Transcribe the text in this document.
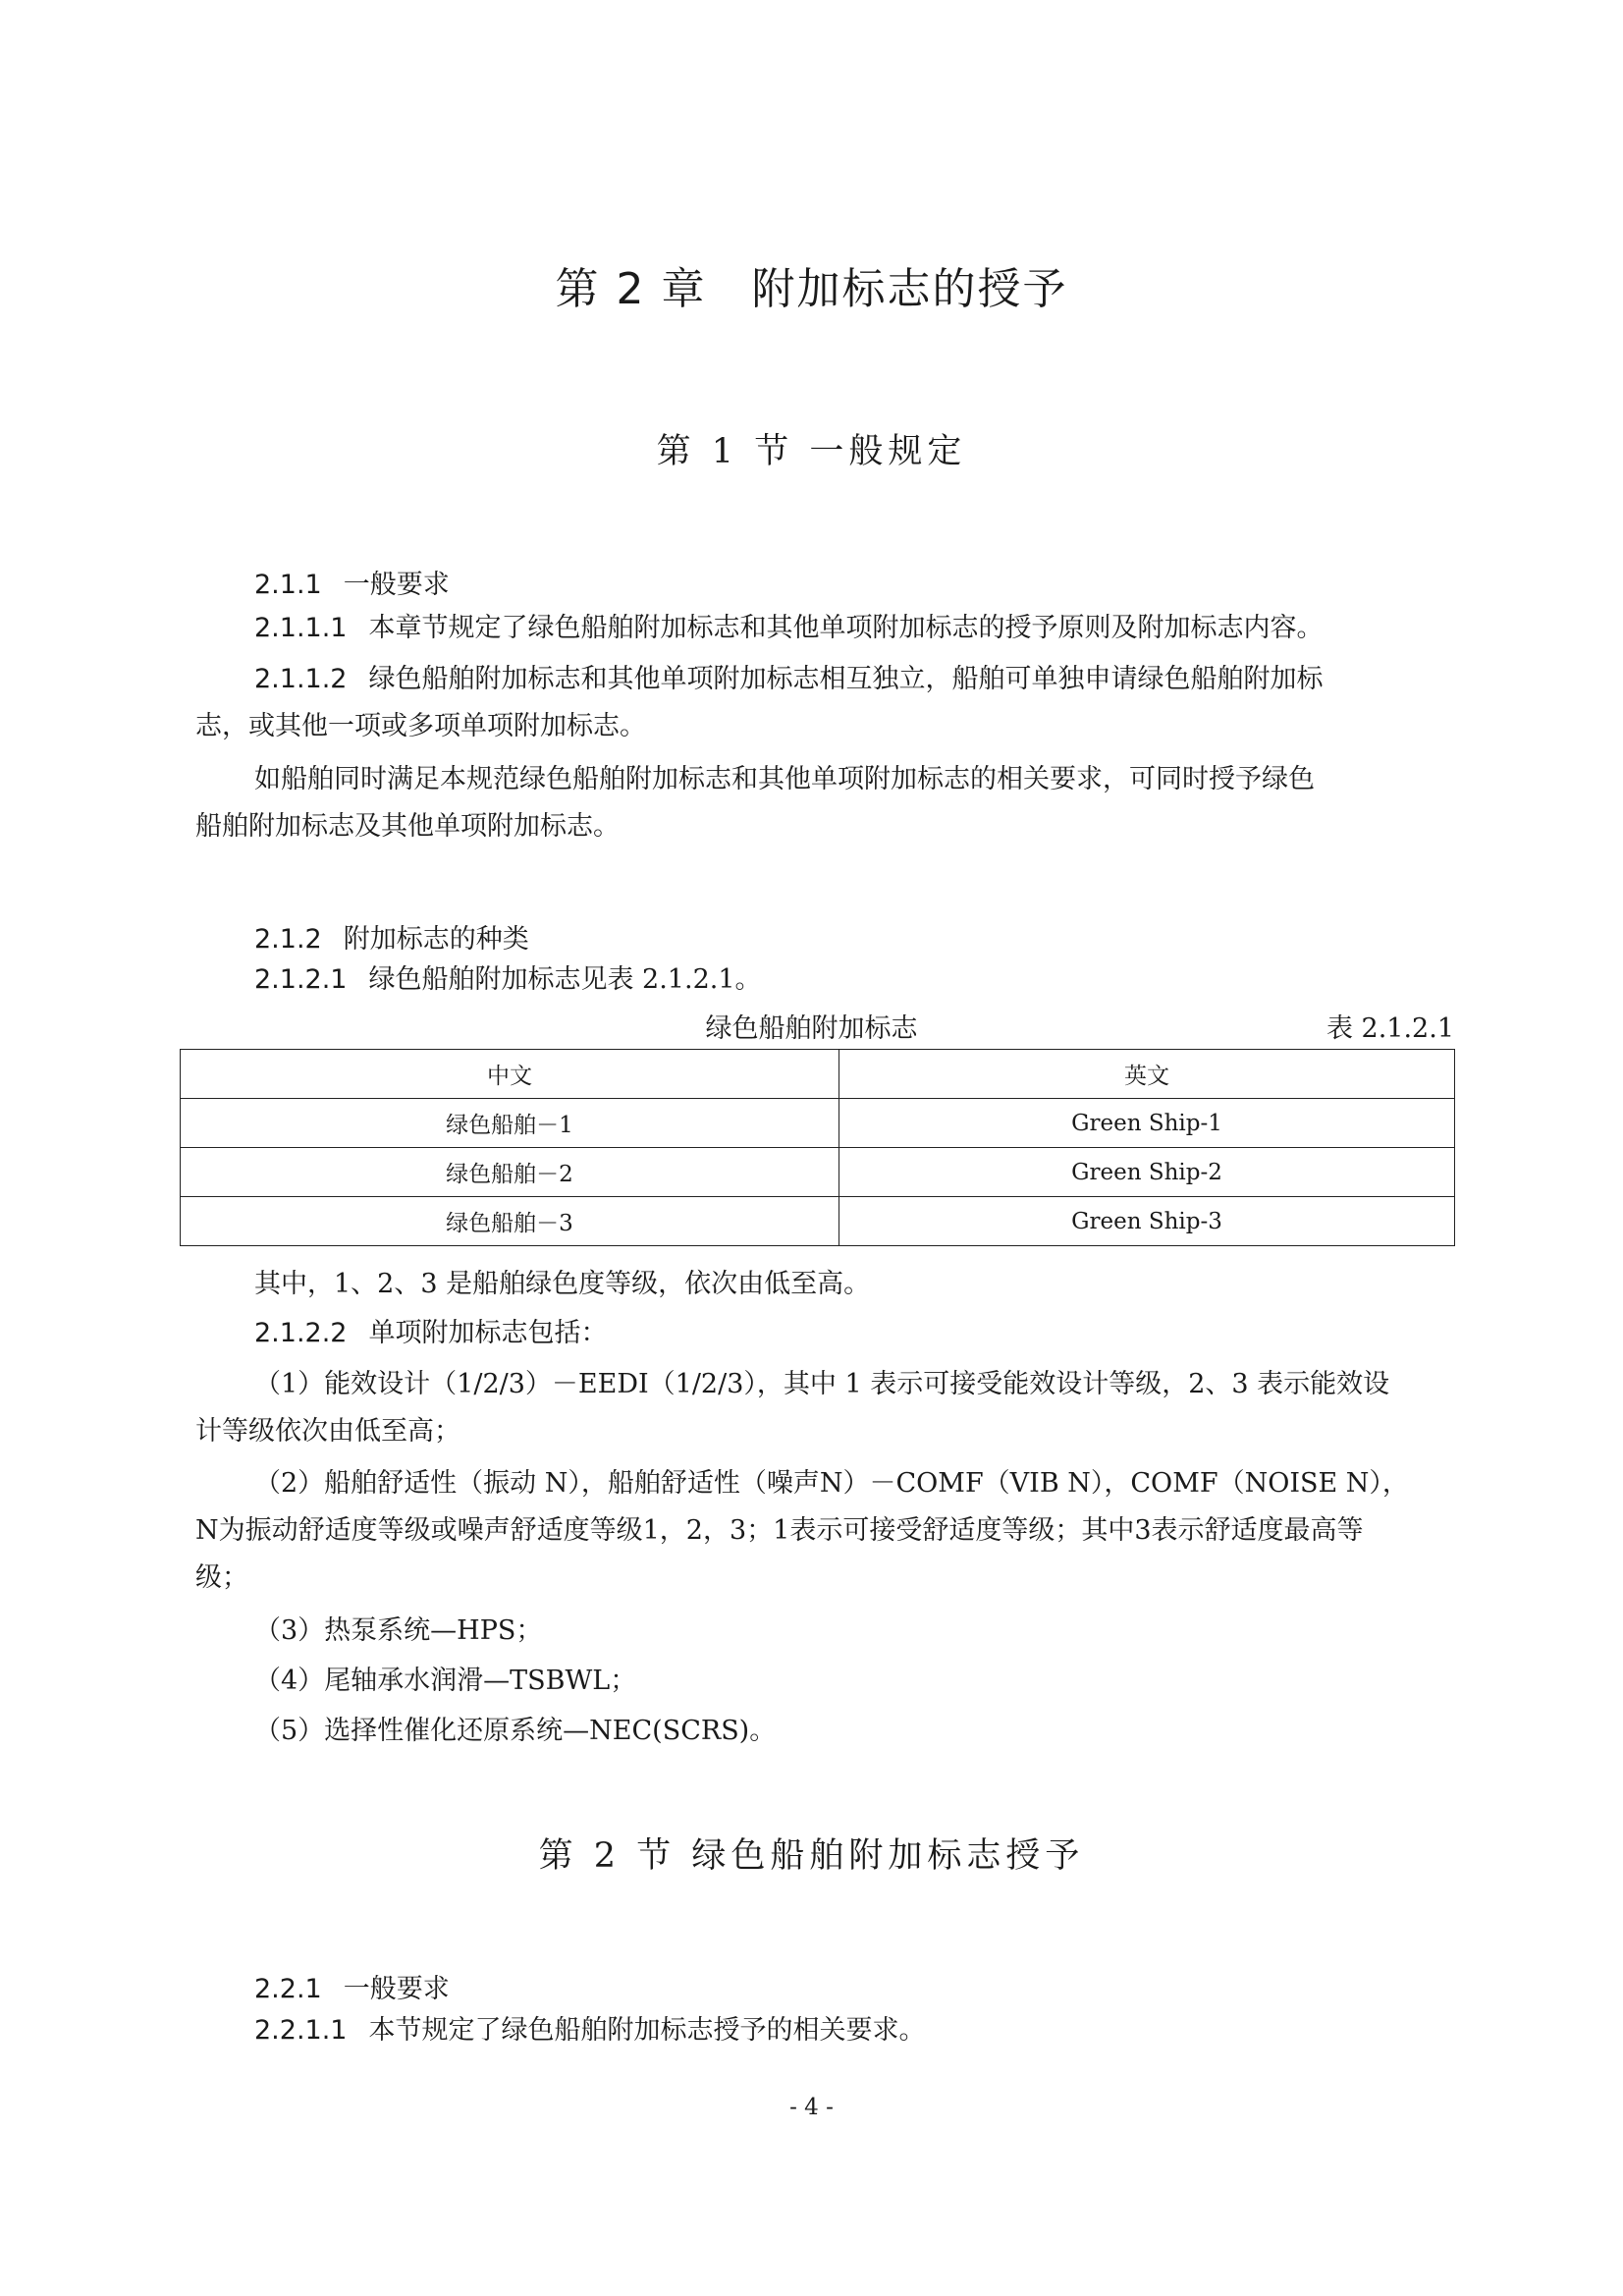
第 2 章　附加标志的授予
第 1 节 一般规定
2.1.1 一般要求
2.1.1.1 本章节规定了绿色船舶附加标志和其他单项附加标志的授予原则及附加标志内容。
2.1.1.2 绿色船舶附加标志和其他单项附加标志相互独立，船舶可单独申请绿色船舶附加标
志，或其他一项或多项单项附加标志。
如船舶同时满足本规范绿色船舶附加标志和其他单项附加标志的相关要求，可同时授予绿色
船舶附加标志及其他单项附加标志。
2.1.2 附加标志的种类
2.1.2.1 绿色船舶附加标志见表 2.1.2.1。
绿色船舶附加标志	表 2.1.2.1
中文	英文
绿色船舶－1	Green Ship-1
绿色船舶－2	Green Ship-2
绿色船舶－3	Green Ship-3
其中，1、2、3 是船舶绿色度等级，依次由低至高。
2.1.2.2 单项附加标志包括：
（1）能效设计（1/2/3）－EEDI（1/2/3），其中 1 表示可接受能效设计等级，2、3 表示能效设
计等级依次由低至高；
（2）船舶舒适性（振动 N），船舶舒适性（噪声N）－COMF（VIB N），COMF（NOISE N），
N为振动舒适度等级或噪声舒适度等级1，2，3；1表示可接受舒适度等级；其中3表示舒适度最高等
级；
（3）热泵系统—HPS；
（4）尾轴承水润滑—TSBWL；
（5）选择性催化还原系统—NEC(SCRS)。
第 2 节 绿色船舶附加标志授予
2.2.1 一般要求
2.2.1.1 本节规定了绿色船舶附加标志授予的相关要求。
- 4 -
